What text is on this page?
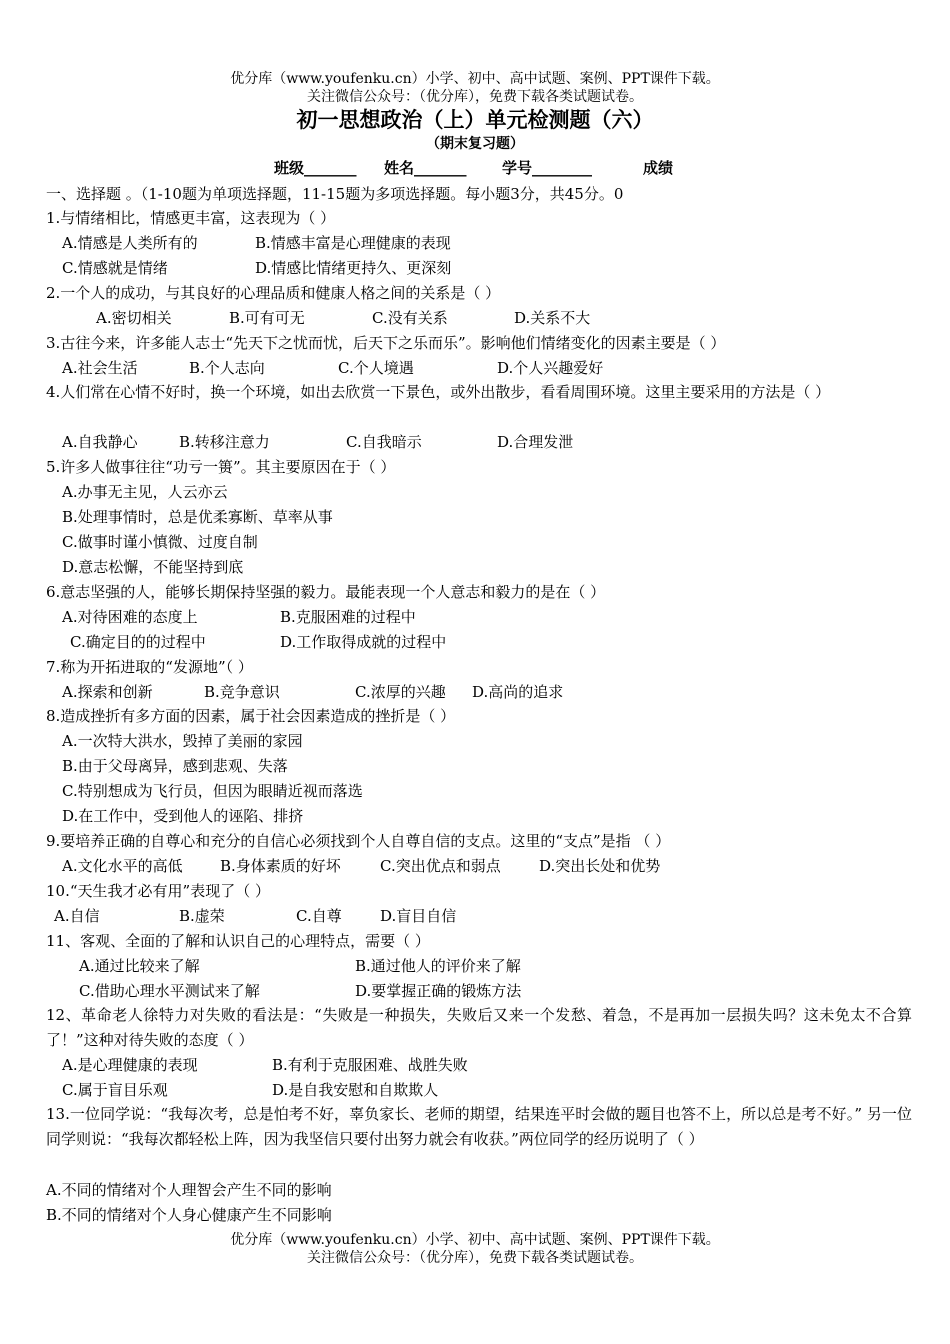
优分库（www.youfenku.cn）小学、初中、高中试题、案例、PPT课件下载。
关注微信公众号：（优分库），免费下载各类试题试卷。
初一思想政治（上）单元检测题（六）
（期末复习题）
班级_______ 姓名_______ 学号________	成绩
一、选择题 。（1-10题为单项选择题，11-15题为多项选择题。每小题3分，共45分。0
1.与情绪相比，情感更丰富，这表现为（ ）
A.情感是人类所有的	B.情感丰富是心理健康的表现
C.情感就是情绪	D.情感比情绪更持久、更深刻
2.一个人的成功，与其良好的心理品质和健康人格之间的关系是（ ）
A.密切相关	B.可有可无	C.没有关系	D.关系不大
3.古往今来，许多能人志士“先天下之忧而忧，后天下之乐而乐”。影响他们情绪变化的因素主要是（ ）
A.社会生活	B.个人志向	C.个人境遇	D.个人兴趣爱好
4.人们常在心情不好时，换一个环境，如出去欣赏一下景色，或外出散步，看看周围环境。这里主要采用的方法是（ ）
A.自我静心	B.转移注意力	C.自我暗示	D.合理发泄
5.许多人做事往往“功亏一篑”。其主要原因在于（ ）
A.办事无主见，人云亦云
B.处理事情时，总是优柔寡断、草率从事
C.做事时谨小慎微、过度自制
D.意志松懈，不能坚持到底
6.意志坚强的人，能够长期保持坚强的毅力。最能表现一个人意志和毅力的是在（ ）
A.对待困难的态度上	B.克服困难的过程中
C.确定目的的过程中	D.工作取得成就的过程中
7.称为开拓进取的“发源地”（ ）
A.探索和创新	B.竞争意识	C.浓厚的兴趣 D.高尚的追求
8.造成挫折有多方面的因素，属于社会因素造成的挫折是（ ）
A.一次特大洪水，毁掉了美丽的家园
B.由于父母离异，感到悲观、失落
C.特别想成为飞行员，但因为眼睛近视而落选
D.在工作中，受到他人的诬陷、排挤
9.要培养正确的自尊心和充分的自信心必须找到个人自尊自信的支点。这里的“支点”是指 （ ）
A.文化水平的高低 B.身体素质的好坏	C.突出优点和弱点	D.突出长处和优势
10.“天生我才必有用”表现了（ ）
A.自信	B.虚荣	C.自尊	D.盲目自信
11、客观、全面的了解和认识自己的心理特点，需要（ ）
A.通过比较来了解	B.通过他人的评价来了解
C.借助心理水平测试来了解	D.要掌握正确的锻炼方法
12、革命老人徐特力对失败的看法是：“失败是一种损失，失败后又来一个发愁、着急，不是再加一层损失吗？这未免太不合算了！”这种对待失败的态度（ ）
A.是心理健康的表现	B.有利于克服困难、战胜失败
C.属于盲目乐观	D.是自我安慰和自欺欺人
13.一位同学说：“我每次考，总是怕考不好，辜负家长、老师的期望，结果连平时会做的题目也答不上，所以总是考不好。” 另一位同学则说：“我每次都轻松上阵，因为我坚信只要付出努力就会有收获。”两位同学的经历说明了（ ）
A.不同的情绪对个人理智会产生不同的影响
B.不同的情绪对个人身心健康产生不同影响
优分库（www.youfenku.cn）小学、初中、高中试题、案例、PPT课件下载。
关注微信公众号：（优分库），免费下载各类试题试卷。
